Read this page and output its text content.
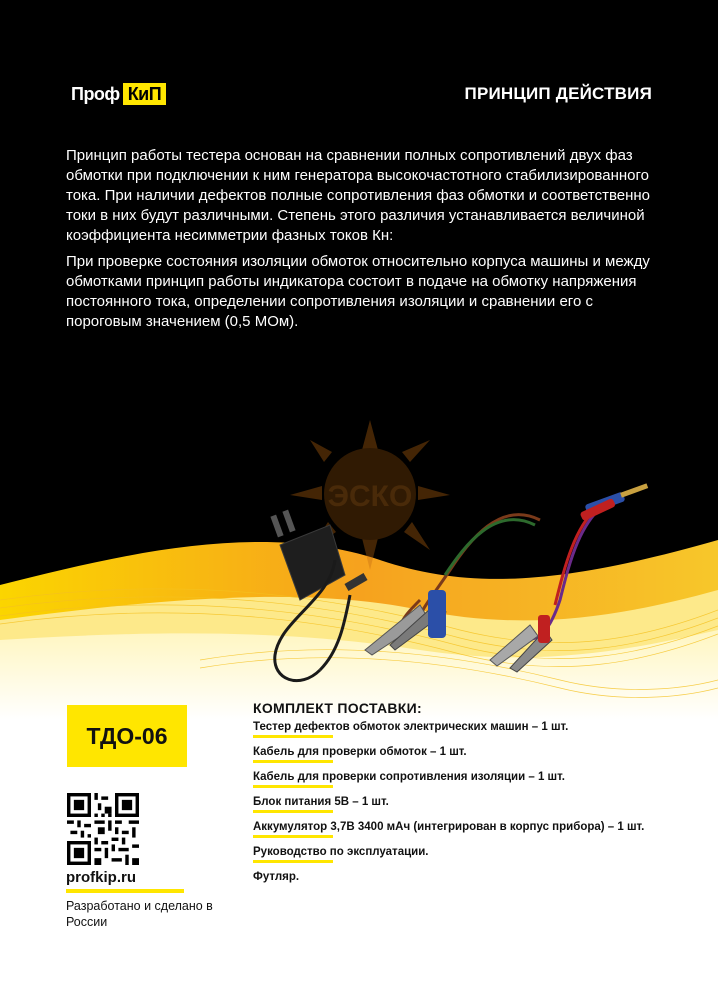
Проф КиП	ПРИНЦИП ДЕЙСТВИЯ

Принцип работы тестера основан на сравнении полных сопротивлений двух фаз обмотки при подключении к ним генератора высокочастотного стабилизированного тока. При наличии дефектов полные сопротивления фаз обмотки и соответственно токи в них будут различными. Степень этого различия устанавливается величиной коэффициента несимметрии фазных токов Кн:

При проверке состояния изоляции обмоток относительно корпуса машины и между обмотками принцип работы индикатора состоит в подаче на обмотку напряжения постоянного тока, определении сопротивления изоляции и сравнении его с пороговым значением (0,5 МОм).

ЭСКО
ТДО-06
profkip.ru
Разработано и сделано в России
КОМПЛЕКТ ПОСТАВКИ:
Тестер дефектов обмоток электрических машин – 1 шт.
Кабель для проверки обмоток – 1 шт.
Кабель для проверки сопротивления изоляции – 1 шт.
Блок питания 5В – 1 шт.
Аккумулятор 3,7В 3400 мАч (интегрирован в корпус прибора) – 1 шт.
Руководство по эксплуатации.
Футляр.
